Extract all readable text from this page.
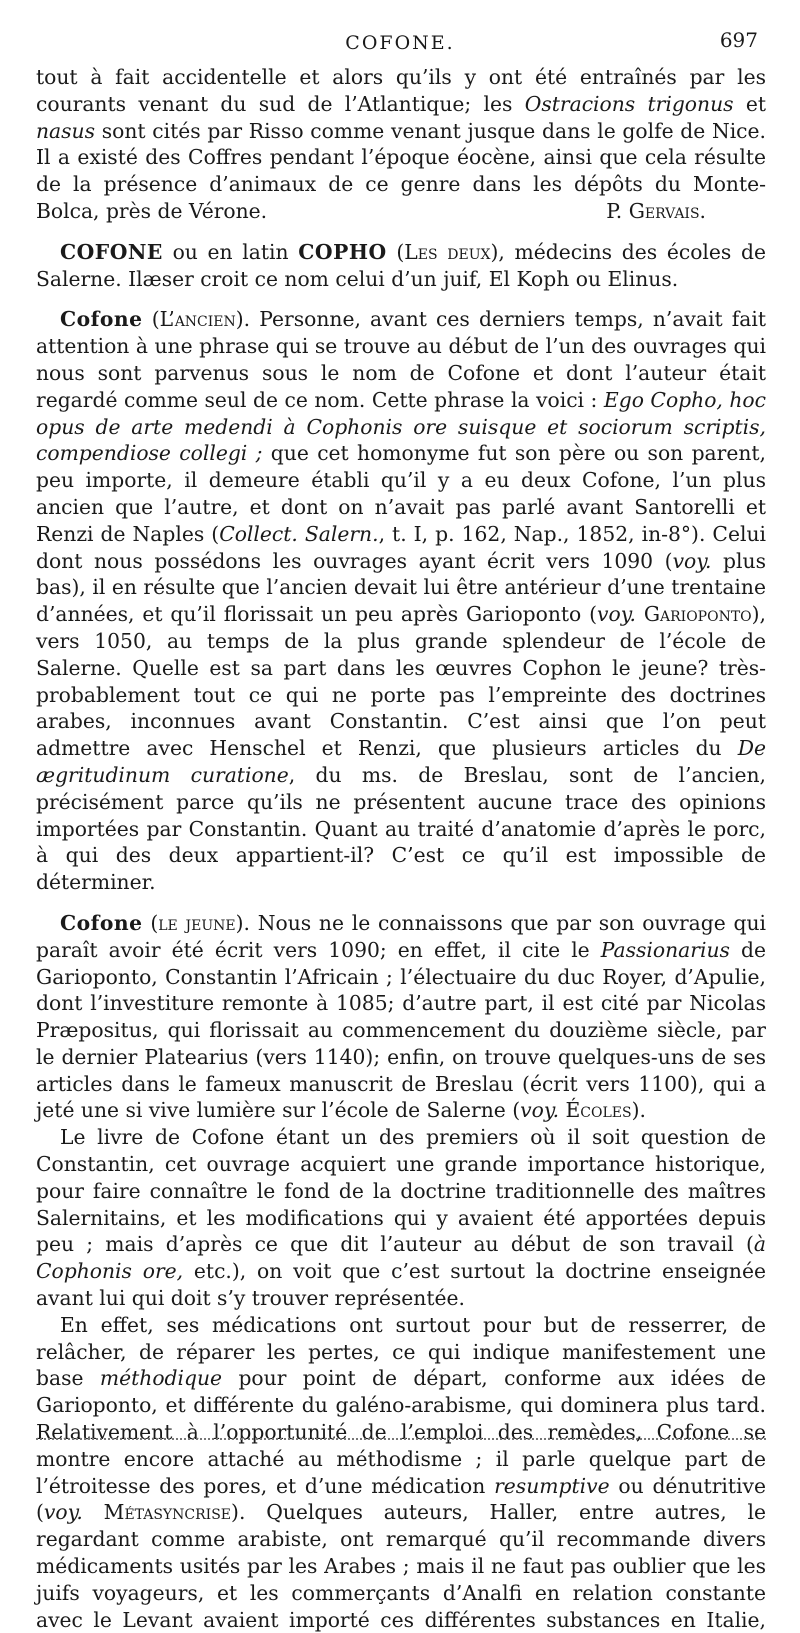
COFONE.	697

tout à fait accidentelle et alors qu’ils y ont été entraînés par les courants venant du sud de l’Atlantique; les Ostracions trigonus et nasus sont cités par Risso comme venant jusque dans le golfe de Nice. Il a existé des Coffres pendant l’époque éocène, ainsi que cela résulte de la présence d’animaux de ce genre dans les dépôts du Monte-Bolca, près de Vérone.	P. Gervais.

COFONE ou en latin COPHO (Les deux), médecins des écoles de Salerne. Ilæser croit ce nom celui d’un juif, El Koph ou Elinus.

Cofone (L’ancien). Personne, avant ces derniers temps, n’avait fait attention à une phrase qui se trouve au début de l’un des ouvrages qui nous sont parvenus sous le nom de Cofone et dont l’auteur était regardé comme seul de ce nom. Cette phrase la voici : Ego Copho, hoc opus de arte medendi à Cophonis ore suisque et sociorum scriptis, compendiose collegi ; que cet homonyme fut son père ou son parent, peu importe, il demeure établi qu’il y a eu deux Cofone, l’un plus ancien que l’autre, et dont on n’avait pas parlé avant Santorelli et Renzi de Naples (Collect. Salern., t. I, p. 162, Nap., 1852, in-8°). Celui dont nous possédons les ouvrages ayant écrit vers 1090 (voy. plus bas), il en résulte que l’ancien devait lui être antérieur d’une trentaine d’années, et qu’il florissait un peu après Garioponto (voy. Garioponto), vers 1050, au temps de la plus grande splendeur de l’école de Salerne. Quelle est sa part dans les œuvres Cophon le jeune? très-probablement tout ce qui ne porte pas l’empreinte des doctrines arabes, inconnues avant Constantin. C’est ainsi que l’on peut admettre avec Henschel et Renzi, que plusieurs articles du De ægritudinum curatione, du ms. de Breslau, sont de l’ancien, précisément parce qu’ils ne présentent aucune trace des opinions importées par Constantin. Quant au traité d’anatomie d’après le porc, à qui des deux appartient-il? C’est ce qu’il est impossible de déterminer.

Cofone (le jeune). Nous ne le connaissons que par son ouvrage qui paraît avoir été écrit vers 1090; en effet, il cite le Passionarius de Garioponto, Constantin l’Africain ; l’électuaire du duc Royer, d’Apulie, dont l’investiture remonte à 1085; d’autre part, il est cité par Nicolas Præpositus, qui florissait au commencement du douzième siècle, par le dernier Platearius (vers 1140); enfin, on trouve quelques-uns de ses articles dans le fameux manuscrit de Breslau (écrit vers 1100), qui a jeté une si vive lumière sur l’école de Salerne (voy. Écoles).

Le livre de Cofone étant un des premiers où il soit question de Constantin, cet ouvrage acquiert une grande importance historique, pour faire connaître le fond de la doctrine traditionnelle des maîtres Salernitains, et les modifications qui y avaient été apportées depuis peu ; mais d’après ce que dit l’auteur au début de son travail (à Cophonis ore, etc.), on voit que c’est surtout la doctrine enseignée avant lui qui doit s’y trouver représentée.

En effet, ses médications ont surtout pour but de resserrer, de relâcher, de réparer les pertes, ce qui indique manifestement une base méthodique pour point de départ, conforme aux idées de Garioponto, et différente du galéno-arabisme, qui dominera plus tard. Relativement à l’opportunité de l’emploi des remèdes, Cofone se montre encore attaché au méthodisme ; il parle quelque part de l’étroitesse des pores, et d’une médication resumptive ou dénutritive (voy. Métasyncrise). Quelques auteurs, Haller, entre autres, le regardant comme arabiste, ont remarqué qu’il recommande divers médicaments usités par les Arabes ; mais il ne faut pas oublier que les juifs voyageurs, et les commerçants d’Analfi en relation constante avec le Levant avaient importé ces différentes substances en Italie,
